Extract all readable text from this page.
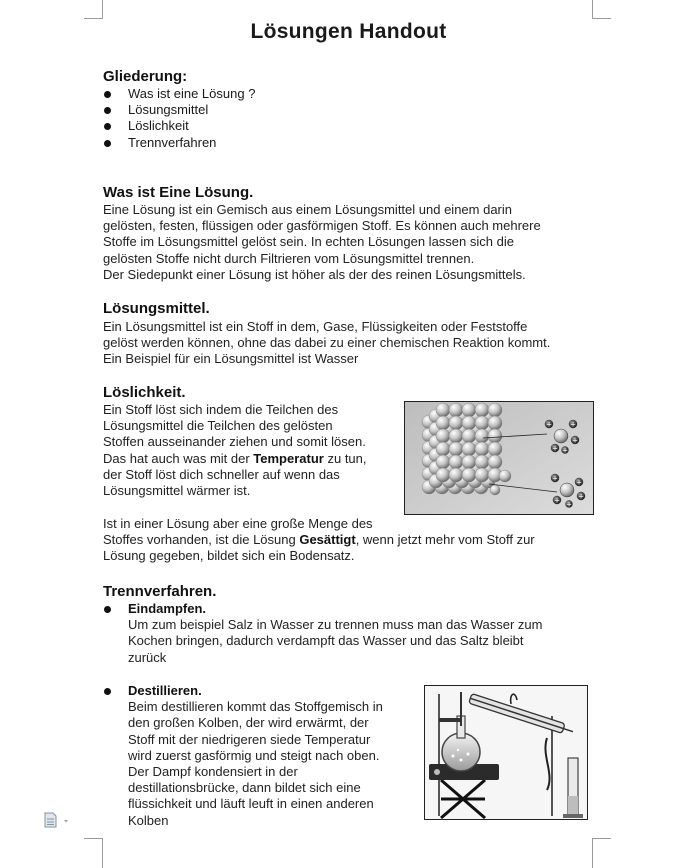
Lösungen Handout
Gliederung:
Was ist eine Lösung ?
Lösungsmittel
Löslichkeit
Trennverfahren
Was ist Eine Lösung.
Eine Lösung ist ein Gemisch aus einem Lösungsmittel und einem darin
gelösten, festen, flüssigen oder gasförmigen Stoff. Es können auch mehrere
Stoffe im Lösungsmittel gelöst sein. In echten Lösungen lassen sich die
gelösten Stoffe nicht durch Filtrieren vom Lösungsmittel trennen.
Der Siedepunkt einer Lösung ist höher als der des reinen Lösungsmittels.
Lösungsmittel.
Ein Lösungsmittel ist ein Stoff in dem, Gase, Flüssigkeiten oder Feststoffe
gelöst werden können, ohne das dabei zu einer chemischen Reaktion kommt.
Ein Beispiel für ein Lösungsmittel ist Wasser
Löslichkeit.
Ein Stoff löst sich indem die Teilchen des
Lösungsmittel die Teilchen des gelösten
Stoffen ausseinander ziehen und somit lösen.
Das hat auch was mit der Temperatur zu tun,
der Stoff löst dich schneller auf wenn das
Lösungsmittel wärmer ist.
+	+
+
+ +
+	+
+
+ +
Ist in einer Lösung aber eine große Menge des
Stoffes vorhanden, ist die Lösung Gesättigt, wenn jetzt mehr vom Stoff zur
Lösung gegeben, bildet sich ein Bodensatz.
Trennverfahren.
Eindampfen.
Um zum beispiel Salz in Wasser zu trennen muss man das Wasser zum
Kochen bringen, dadurch verdampft das Wasser und das Saltz bleibt
zurück
Destillieren.
Beim destillieren kommt das Stoffgemisch in
den großen Kolben, der wird erwärmt, der
Stoff mit der niedrigeren siede Temperatur
wird zuerst gasförmig und steigt nach oben.
Der Dampf kondensiert in der
destillationsbrücke, dann bildet sich eine
flüssichkeit und läuft leuft in einen anderen
Kolben
